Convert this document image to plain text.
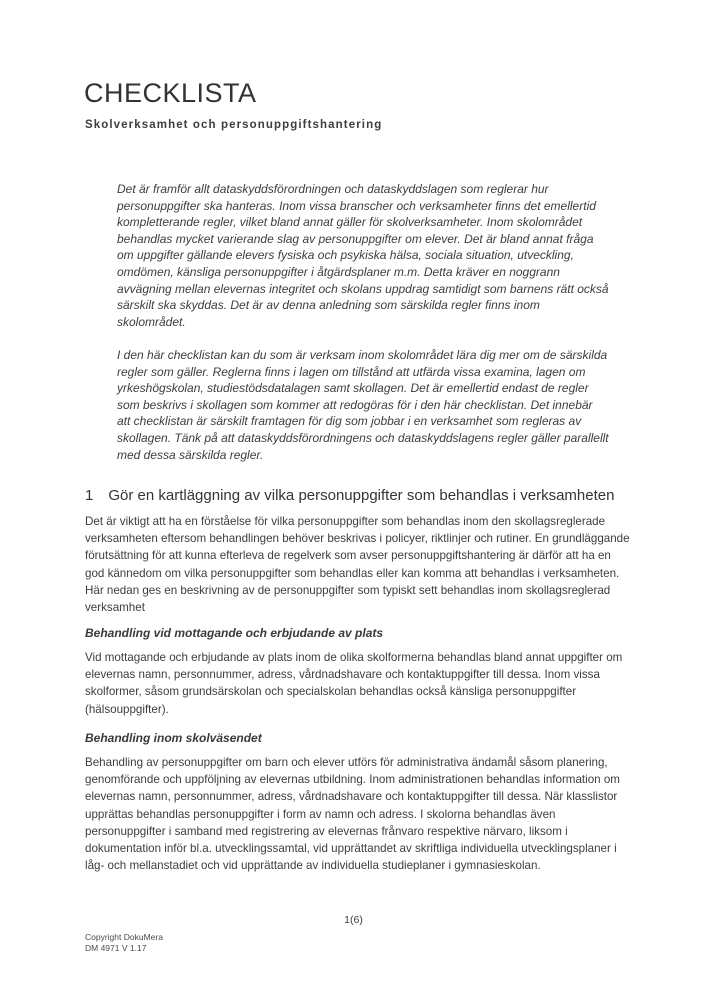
CHECKLISTA
Skolverksamhet och personuppgiftshantering
Det är framför allt dataskyddsförordningen och dataskyddslagen som reglerar hur personuppgifter ska hanteras. Inom vissa branscher och verksamheter finns det emellertid kompletterande regler, vilket bland annat gäller för skolverksamheter. Inom skolområdet behandlas mycket varierande slag av personuppgifter om elever. Det är bland annat fråga om uppgifter gällande elevers fysiska och psykiska hälsa, sociala situation, utveckling, omdömen, känsliga personuppgifter i åtgärdsplaner m.m. Detta kräver en noggrann avvägning mellan elevernas integritet och skolans uppdrag samtidigt som barnens rätt också särskilt ska skyddas. Det är av denna anledning som särskilda regler finns inom skolområdet.
I den här checklistan kan du som är verksam inom skolområdet lära dig mer om de särskilda regler som gäller. Reglerna finns i lagen om tillstånd att utfärda vissa examina, lagen om yrkeshögskolan, studiestödsdatalagen samt skollagen. Det är emellertid endast de regler som beskrivs i skollagen som kommer att redogöras för i den här checklistan. Det innebär att checklistan är särskilt framtagen för dig som jobbar i en verksamhet som regleras av skollagen. Tänk på att dataskyddsförordningens och dataskyddslagens regler gäller parallellt med dessa särskilda regler.
1 Gör en kartläggning av vilka personuppgifter som behandlas i verksamheten
Det är viktigt att ha en förståelse för vilka personuppgifter som behandlas inom den skollagsreglerade verksamheten eftersom behandlingen behöver beskrivas i policyer, riktlinjer och rutiner. En grundläggande förutsättning för att kunna efterleva de regelverk som avser personuppgiftshantering är därför att ha en god kännedom om vilka personuppgifter som behandlas eller kan komma att behandlas i verksamheten. Här nedan ges en beskrivning av de personuppgifter som typiskt sett behandlas inom skollagsreglerad verksamhet
Behandling vid mottagande och erbjudande av plats
Vid mottagande och erbjudande av plats inom de olika skolformerna behandlas bland annat uppgifter om elevernas namn, personnummer, adress, vårdnadshavare och kontaktuppgifter till dessa. Inom vissa skolformer, såsom grundsärskolan och specialskolan behandlas också känsliga personuppgifter (hälsouppgifter).
Behandling inom skolväsendet
Behandling av personuppgifter om barn och elever utförs för administrativa ändamål såsom planering, genomförande och uppföljning av elevernas utbildning. Inom administrationen behandlas information om elevernas namn, personnummer, adress, vårdnadshavare och kontaktuppgifter till dessa. När klasslistor upprättas behandlas personuppgifter i form av namn och adress. I skolorna behandlas även personuppgifter i samband med registrering av elevernas frånvaro respektive närvaro, liksom i dokumentation inför bl.a. utvecklingssamtal, vid upprättandet av skriftliga individuella utvecklingsplaner i låg- och mellanstadiet och vid upprättande av individuella studieplaner i gymnasieskolan.
1(6)
Copyright DokuMera
DM 4971 V 1.17
